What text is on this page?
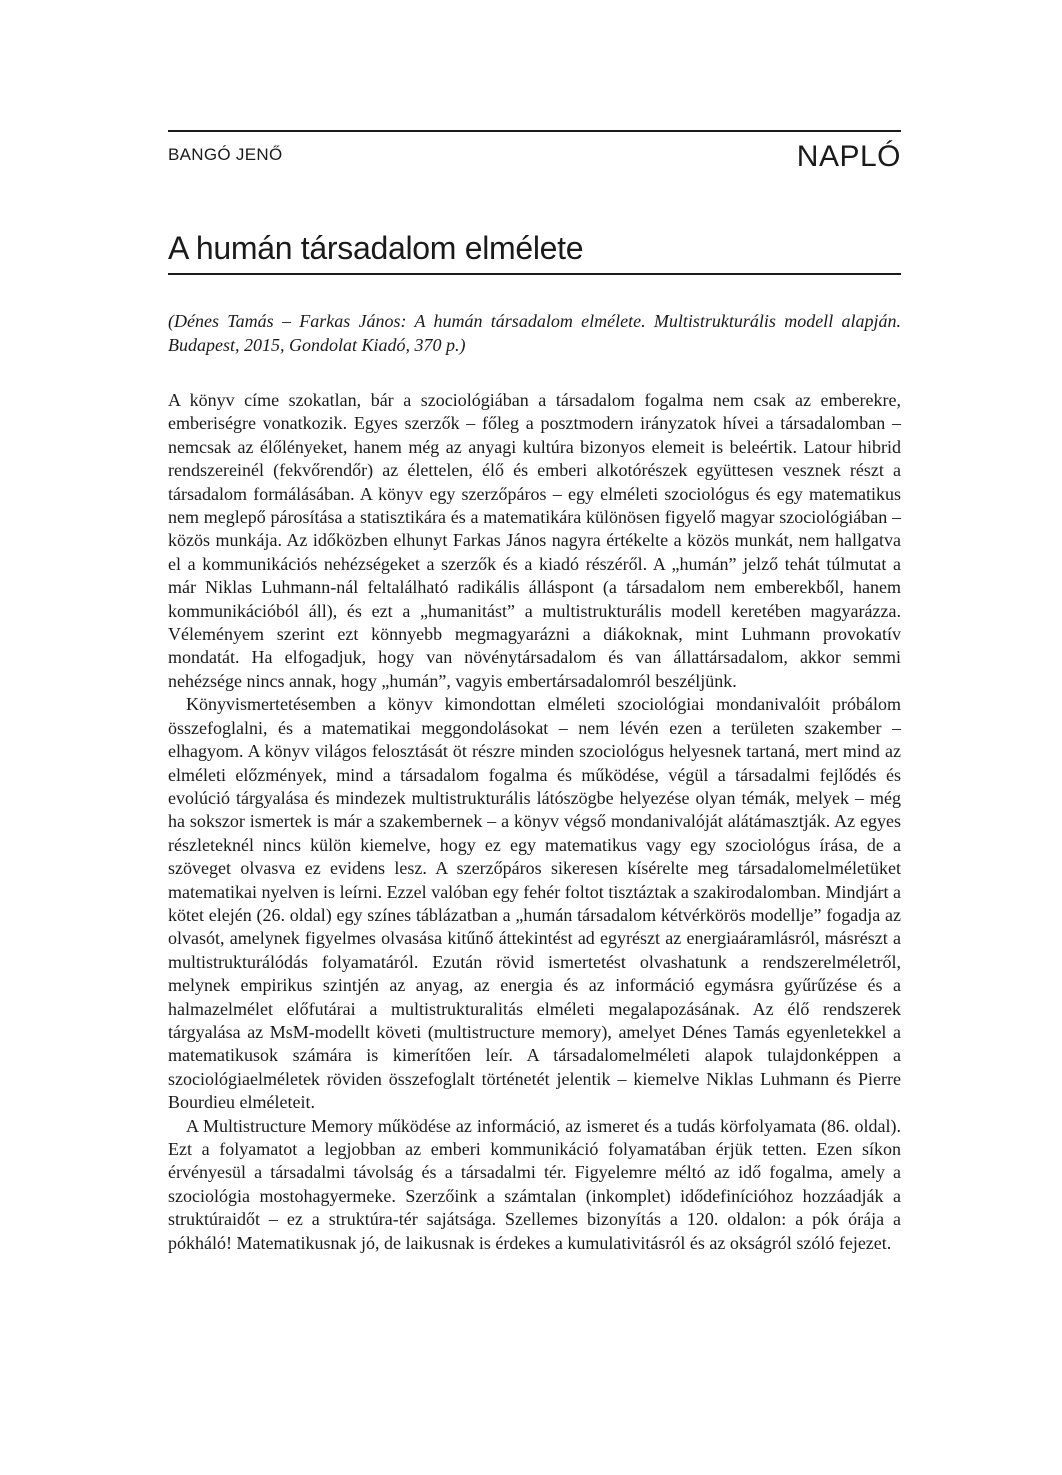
BANGÓ JENŐ	NAPLÓ
A humán társadalom elmélete

(Dénes Tamás – Farkas János: A humán társadalom elmélete. Multistrukturális modell alapján. Budapest, 2015, Gondolat Kiadó, 370 p.)

A könyv címe szokatlan, bár a szociológiában a társadalom fogalma nem csak az emberekre, emberiségre vonatkozik. Egyes szerzők – főleg a posztmodern irányzatok hívei a társadalomban – nemcsak az élőlényeket, hanem még az anyagi kultúra bizonyos elemeit is beleértik. Latour hibrid rendszereinél (fekvőrendőr) az élettelen, élő és emberi alkotórészek együttesen vesznek részt a társadalom formálásában. A könyv egy szerzőpáros – egy elméleti szociológus és egy matematikus nem meglepő párosítása a statisztikára és a matematikára különösen figyelő magyar szociológiában – közös munkája. Az időközben elhunyt Farkas János nagyra értékelte a közös munkát, nem hallgatva el a kommunikációs nehézségeket a szerzők és a kiadó részéről. A „humán” jelző tehát túlmutat a már Niklas Luhmann-nál feltalálható radikális álláspont (a társadalom nem emberekből, hanem kommunikációból áll), és ezt a „humanitást” a multistrukturális modell keretében magyarázza. Véleményem szerint ezt könnyebb megmagyarázni a diákoknak, mint Luhmann provokatív mondatát. Ha elfogadjuk, hogy van növénytársadalom és van állattársadalom, akkor semmi nehézsége nincs annak, hogy „humán”, vagyis embertársadalomról beszéljünk.

Könyvismertetésemben a könyv kimondottan elméleti szociológiai mondanivalóit próbálom összefoglalni, és a matematikai meggondolásokat – nem lévén ezen a területen szakember – elhagyom. A könyv világos felosztását öt részre minden szociológus helyesnek tartaná, mert mind az elméleti előzmények, mind a társadalom fogalma és működése, végül a társadalmi fejlődés és evolúció tárgyalása és mindezek multistrukturális látószögbe helyezése olyan témák, melyek – még ha sokszor ismertek is már a szakembernek – a könyv végső mondanivalóját alátámasztják. Az egyes részleteknél nincs külön kiemelve, hogy ez egy matematikus vagy egy szociológus írása, de a szöveget olvasva ez evidens lesz. A szerzőpáros sikeresen kísérelte meg társadalomelméletüket matematikai nyelven is leírni. Ezzel valóban egy fehér foltot tisztáztak a szakirodalomban. Mindjárt a kötet elején (26. oldal) egy színes táblázatban a „humán társadalom kétvérkörös modellje” fogadja az olvasót, amelynek figyelmes olvasása kitűnő áttekintést ad egyrészt az energiaáramlásról, másrészt a multistrukturálódás folyamatáról. Ezután rövid ismertetést olvashatunk a rendszerelméletről, melynek empirikus szintjén az anyag, az energia és az információ egymásra gyűrűzése és a halmazelmélet előfutárai a multistrukturalitás elméleti megalapozásának. Az élő rendszerek tárgyalása az MsM-modellt követi (multistructure memory), amelyet Dénes Tamás egyenletekkel a matematikusok számára is kimerítően leír. A társadalomelméleti alapok tulajdonképpen a szociológiaelméletek röviden összefoglalt történetét jelentik – kiemelve Niklas Luhmann és Pierre Bourdieu elméleteit.

A Multistructure Memory működése az információ, az ismeret és a tudás körfolyamata (86. oldal). Ezt a folyamatot a legjobban az emberi kommunikáció folyamatában érjük tetten. Ezen síkon érvényesül a társadalmi távolság és a társadalmi tér. Figyelemre méltó az idő fogalma, amely a szociológia mostohagyermeke. Szerzőink a számtalan (inkomplet) idődefinícióhoz hozzáadják a struktúraidőt – ez a struktúra-tér sajátsága. Szellemes bizonyítás a 120. oldalon: a pók órája a pókháló! Matematikusnak jó, de laikusnak is érdekes a kumulativitásról és az okságról szóló fejezet.
